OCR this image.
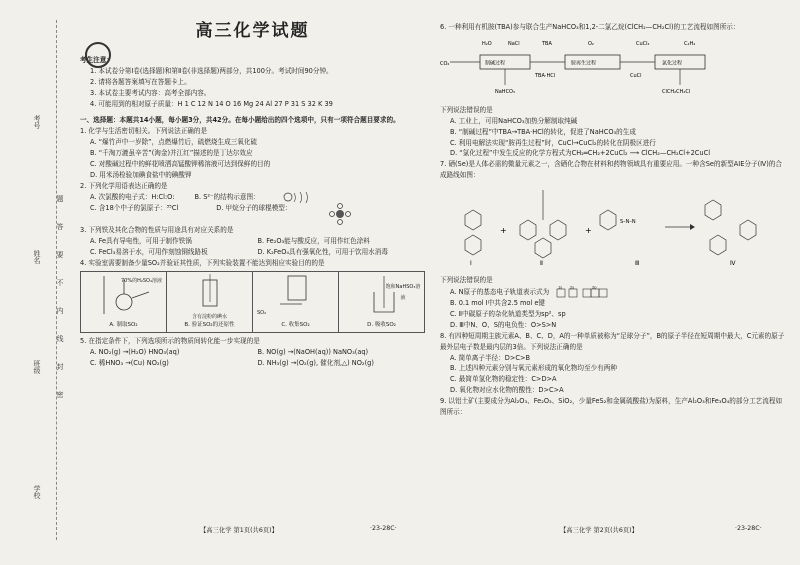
考号
题
答
要
不
内
线
封
密
姓名
班级
学校
高三化学试题
考生注意：
1. 本试卷分第Ⅰ卷(选择题)和第Ⅱ卷(非选择题)两部分，共100分。考试时间90分钟。
2. 请将各题答案填写在答题卡上。
3. 本试卷主要考试内容：高考全部内容。
4. 可能用到的相对原子质量：H 1 C 12 N 14 O 16 Mg 24 Al 27 P 31 S 32 K 39
一、选择题：本题共14小题，每小题3分，共42分。在每小题给出的四个选项中，只有一项符合题目要求的。
1. 化学与生活密切相关。下列说法正确的是
A. “爆竹声中一岁除”，点燃爆竹后，硫燃烧生成三氧化硫
B. “千淘万漉虽辛苦”(淘金)并江红”描述的是丁达尔效应
C. 对酸碱过程中的鲜花喷洒高锰酸钾稀溶液可达到保鲜的目的
D. 用米汤检验加碘食盐中的碘酸钾
2. 下列化学用语表达正确的是
A. 次氯酸的电子式：H:Cl:O:	B. S²⁻的结构示意图：
C. 含18个中子的氯原子：³⁵Cl	D. 甲烷分子的球棍模型：
3. 下列铁及其化合物的性质与用途具有对应关系的是
A. Fe具有导电性，可用于制作铁锅	B. Fe₂O₃能与酸反应，可用作红色涂料
C. FeCl₃易溶于水，可用作刻蚀铜线路板	D. K₂FeO₄具有强氧化性，可用于饮用水消毒
4. 实验室需要制备少量SO₂并验证其性质，下列实验装置不能达到相应实验目的的是
70%的H₂SO₄溶液
A. 制取SO₂
含有淀粉的碘水
B. 验证SO₂的还原性
SO₂
C. 收集SO₂
饱和NaHSO₃溶液
D. 吸收SO₂
5. 在指定条件下，下列选项所示的物质间转化能一步实现的是
A. NO₂(g) →(H₂O) HNO₃(aq)	B. NO(g) →(NaOH(aq)) NaNO₃(aq)
C. 稀HNO₃ →(Cu) NO₂(g)	D. NH₃(g) →(O₂(g), 催化剂,△) NO₂(g)
【高三化学 第1页(共6页)】	·23-28C·
6. 一种利用有机胺(TBA)参与联合生产NaHCO₃和1,2-二氯乙烷(ClCH₂—CH₂Cl)的工艺流程如图所示：
H₂O	NaCl	TBA	O₂	CuCl₂	C₂H₄
CO₂	制碱过程	胺再生过程	氯化过程
NaHCO₃
TBA·HCl	CuCl
ClCH₂CH₂Cl
下列说法错误的是
A. 工业上，可用NaHCO₃加热分解制取纯碱
B. “制碱过程”中TBA→TBA·HCl的转化，促进了NaHCO₃的生成
C. 利用电解法实现“胺再生过程”时，CuCl→CuCl₂的转化在阴极区进行
D. “氯化过程”中发生反应的化学方程式为CH₂═CH₂+2CuCl₂ ⟶ ClCH₂—CH₂Cl+2CuCl
7. 硒(Se)是人体必需的微量元素之一，含硒化合物在材料和药物领域具有重要应用。一种含Se的新型AIE分子(Ⅳ)的合成路线如图：
Ⅰ
+
Ⅱ
+
S–N–N
Ⅲ	Ⅳ
下列说法错误的是
A. N原子的基态电子轨道表示式为
1s 2s	2p
B. 0.1 mol Ⅰ中共含2.5 mol e键
C. Ⅱ中碳原子的杂化轨道类型为sp²、sp
D. Ⅲ中N、O、S的电负性：O>S>N
8. 有四种短周期主族元素A、B、C、D，A的一种单质被称为“足球分子”，B的原子半径在短周期中最大，C元素的原子最外层电子数是最内层的3倍。下列说法正确的是
A. 简单离子半径：D>C>B
B. 上述四种元素分别与氧元素形成的氧化物均至少有两种
C. 最简单氢化物的稳定性：C>D>A
D. 氧化物对应水化物的酸性：D>C>A
9. 以铝土矿(主要成分为Al₂O₃、Fe₂O₃、SiO₂，少量FeS₂和金属硫酸盐)为原料，生产Al₂O₃和Fe₃O₄的部分工艺流程如图所示：
【高三化学 第2页(共6页)】	·23-28C·
